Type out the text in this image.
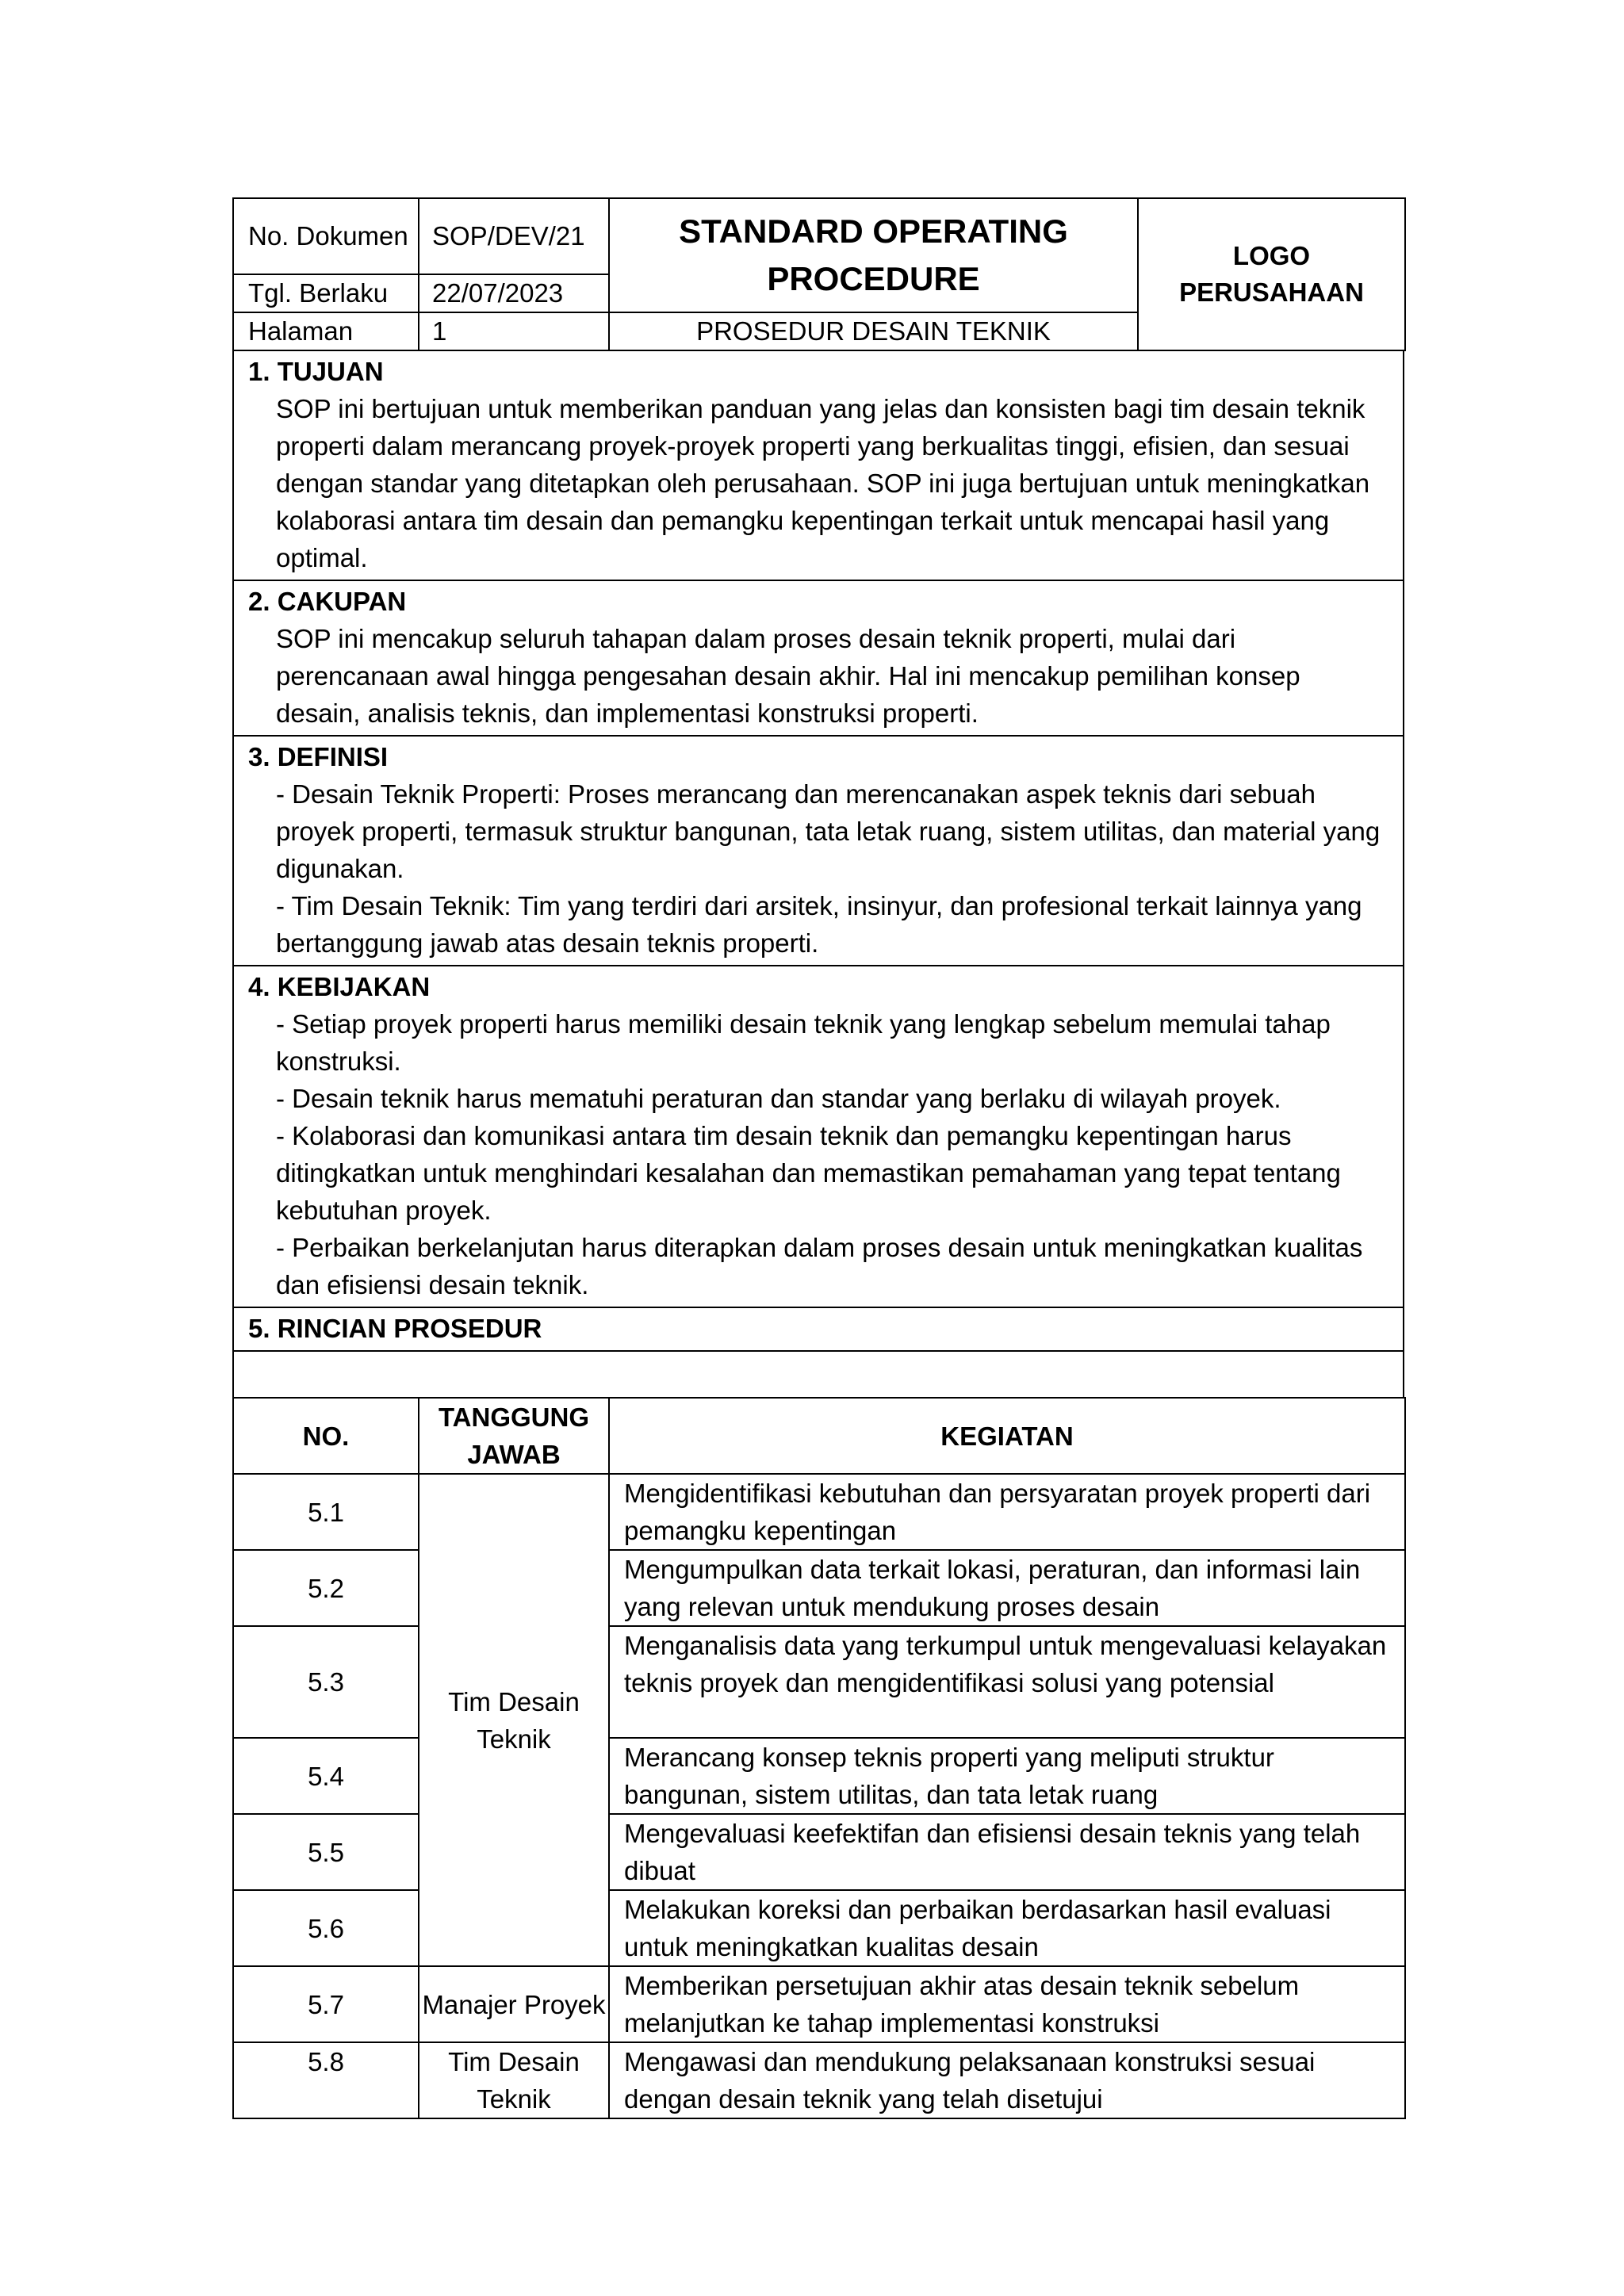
No. Dokumen	SOP/DEV/21	STANDARD OPERATING PROCEDURE	LOGO PERUSAHAAN
Tgl. Berlaku	22/07/2023		
Halaman	1	PROSEDUR DESAIN TEKNIK	
1. TUJUAN
SOP ini bertujuan untuk memberikan panduan yang jelas dan konsisten bagi tim desain teknik properti dalam merancang proyek-proyek properti yang berkualitas tinggi, efisien, dan sesuai dengan standar yang ditetapkan oleh perusahaan. SOP ini juga bertujuan untuk meningkatkan kolaborasi antara tim desain dan pemangku kepentingan terkait untuk mencapai hasil yang optimal.

2. CAKUPAN
SOP ini mencakup seluruh tahapan dalam proses desain teknik properti, mulai dari perencanaan awal hingga pengesahan desain akhir. Hal ini mencakup pemilihan konsep desain, analisis teknis, dan implementasi konstruksi properti.

3. DEFINISI
- Desain Teknik Properti: Proses merancang dan merencanakan aspek teknis dari sebuah proyek properti, termasuk struktur bangunan, tata letak ruang, sistem utilitas, dan material yang digunakan.
- Tim Desain Teknik: Tim yang terdiri dari arsitek, insinyur, dan profesional terkait lainnya yang bertanggung jawab atas desain teknis properti.

4. KEBIJAKAN
- Setiap proyek properti harus memiliki desain teknik yang lengkap sebelum memulai tahap konstruksi.
- Desain teknik harus mematuhi peraturan dan standar yang berlaku di wilayah proyek.
- Kolaborasi dan komunikasi antara tim desain teknik dan pemangku kepentingan harus ditingkatkan untuk menghindari kesalahan dan memastikan pemahaman yang tepat tentang kebutuhan proyek.
- Perbaikan berkelanjutan harus diterapkan dalam proses desain untuk meningkatkan kualitas dan efisiensi desain teknik.

5. RINCIAN PROSEDUR

NO.	TANGGUNG JAWAB	KEGIATAN
5.1	Tim Desain Teknik	Mengidentifikasi kebutuhan dan persyaratan proyek properti dari pemangku kepentingan
5.2		Mengumpulkan data terkait lokasi, peraturan, dan informasi lain yang relevan untuk mendukung proses desain
5.3		Menganalisis data yang terkumpul untuk mengevaluasi kelayakan teknis proyek dan mengidentifikasi solusi yang potensial
5.4		Merancang konsep teknis properti yang meliputi struktur bangunan, sistem utilitas, dan tata letak ruang
5.5		Mengevaluasi keefektifan dan efisiensi desain teknis yang telah dibuat
5.6		Melakukan koreksi dan perbaikan berdasarkan hasil evaluasi untuk meningkatkan kualitas desain
5.7	Manajer Proyek	Memberikan persetujuan akhir atas desain teknik sebelum melanjutkan ke tahap implementasi konstruksi
5.8	Tim Desain Teknik	Mengawasi dan mendukung pelaksanaan konstruksi sesuai dengan desain teknik yang telah disetujui
